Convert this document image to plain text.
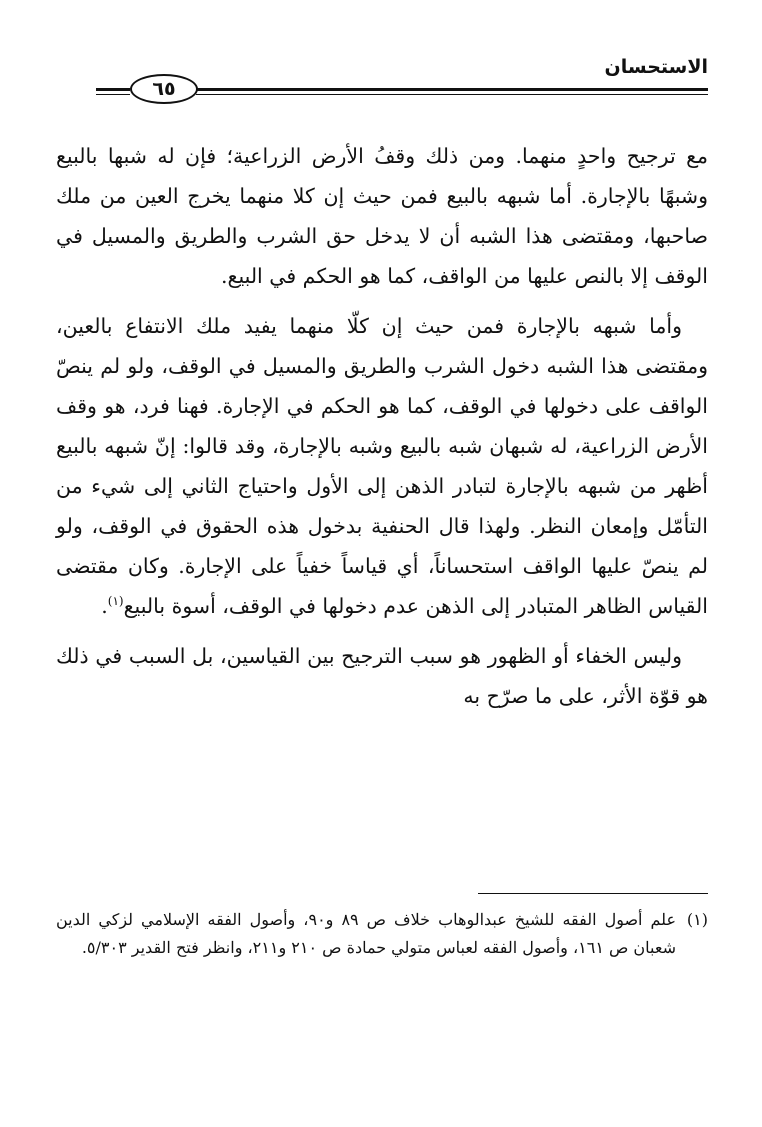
الاستحسان
٦٥

مع ترجيح واحدٍ منهما. ومن ذلك وقفُ الأرض الزراعية؛ فإن له شبها بالبيع وشبهًا بالإجارة. أما شبهه بالبيع فمن حيث إن كلا منهما يخرج العين من ملك صاحبها، ومقتضى هذا الشبه أن لا يدخل حق الشرب والطريق والمسيل في الوقف إلا بالنص عليها من الواقف، كما هو الحكم في البيع.

وأما شبهه بالإجارة فمن حيث إن كلّا منهما يفيد ملك الانتفاع بالعين، ومقتضى هذا الشبه دخول الشرب والطريق والمسيل في الوقف، ولو لم ينصّ الواقف على دخولها في الوقف، كما هو الحكم في الإجارة. فهنا فرد، هو وقف الأرض الزراعية، له شبهان شبه بالبيع وشبه بالإجارة، وقد قالوا: إنّ شبهه بالبيع أظهر من شبهه بالإجارة لتبادر الذهن إلى الأول واحتياج الثاني إلى شيء من التأمّل وإمعان النظر. ولهذا قال الحنفية بدخول هذه الحقوق في الوقف، ولو لم ينصّ عليها الواقف استحساناً، أي قياساً خفياً على الإجارة. وكان مقتضى القياس الظاهر المتبادر إلى الذهن عدم دخولها في الوقف، أسوة بالبيع$^{(١)}$.

وليس الخفاء أو الظهور هو سبب الترجيح بين القياسين، بل السبب في ذلك هو قوّة الأثر، على ما صرّح به

(١)
علم أصول الفقه للشيخ عبدالوهاب خلاف ص ٨٩ و٩٠، وأصول الفقه الإسلامي لزكي الدين شعبان ص ١٦١، وأصول الفقه لعباس متولي حمادة ص ٢١٠ و٢١١، وانظر فتح القدير ٥/٣٠٣.
